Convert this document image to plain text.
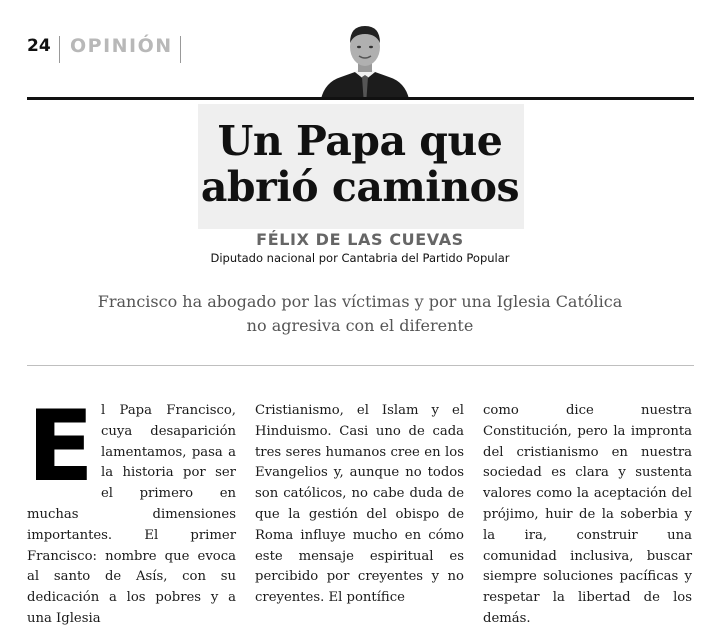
24 OPINIÓN
Un Papa que
abrió caminos
FÉLIX DE LAS CUEVAS
Diputado nacional por Cantabria del Partido Popular
Francisco ha abogado por las víctimas y por una Iglesia Católica
no agresiva con el diferente
E l Papa Francisco, cuya desaparición lamentamos, pasa a la historia por ser el primero en muchas dimensiones importantes. El primer Francisco: nombre que evoca al santo de Asís, con su dedicación a los pobres y a una Iglesia

Cristianismo, el Islam y el Hinduismo. Casi uno de cada tres seres humanos cree en los Evangelios y, aunque no todos son católicos, no cabe duda de que la gestión del obispo de Roma influye mucho en cómo este mensaje espiritual es percibido por creyentes y no creyentes. El pontífice

como dice nuestra Constitución, pero la impronta del cristianismo en nuestra sociedad es clara y sustenta valores como la aceptación del prójimo, huir de la soberbia y la ira, construir una comunidad inclusiva, buscar siempre soluciones pacíficas y respetar la libertad de los demás.
